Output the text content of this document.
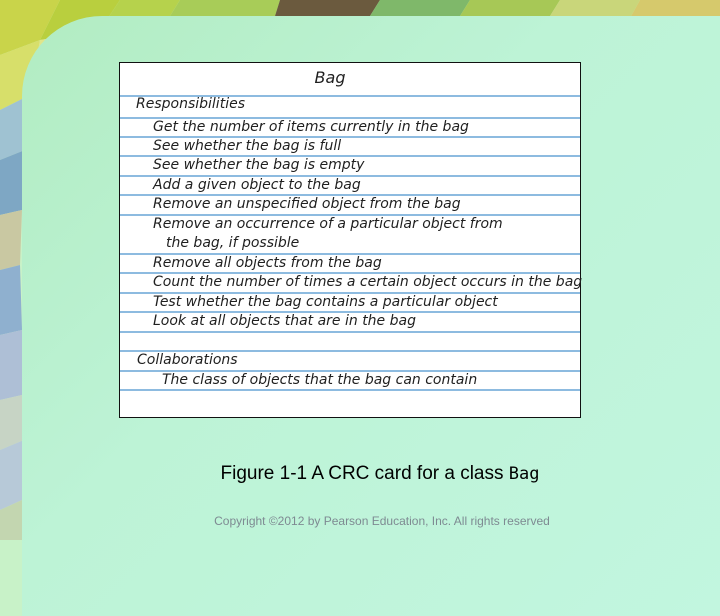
Bag
Responsibilities
Get the number of items currently in the bag
See whether the bag is full
See whether the bag is empty
Add a given object to the bag
Remove an unspecified object from the bag
Remove an occurrence of a particular object from
the bag, if possible
Remove all objects from the bag
Count the number of times a certain object occurs in the bag
Test whether the bag contains a particular object
Look at all objects that are in the bag
Collaborations
The class of objects that the bag can contain
Figure 1-1 A CRC card for a class Bag
Copyright ©2012 by Pearson Education, Inc. All rights reserved
